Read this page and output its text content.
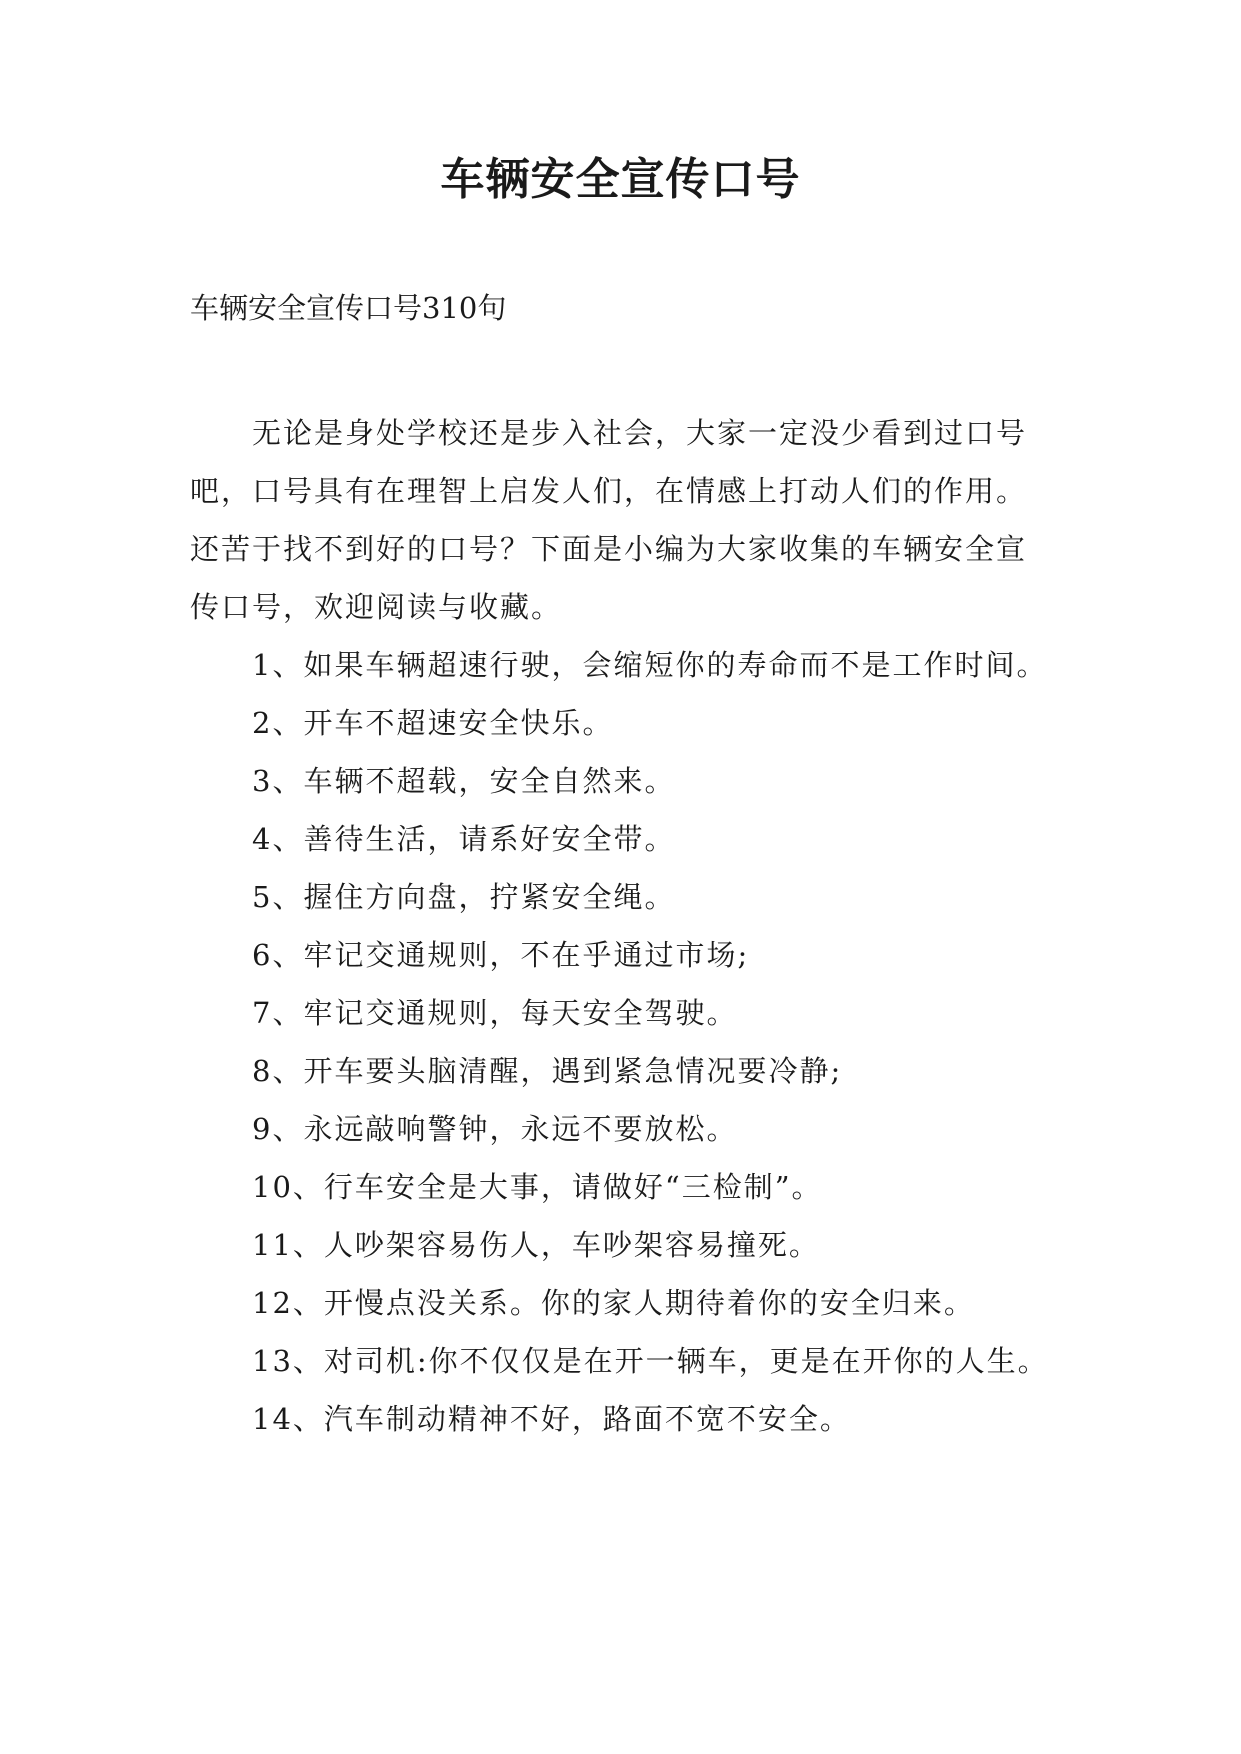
车辆安全宣传口号

车辆安全宣传口号310句

无论是身处学校还是步入社会，大家一定没少看到过口号吧，口号具有在理智上启发人们，在情感上打动人们的作用。还苦于找不到好的口号？下面是小编为大家收集的车辆安全宣传口号，欢迎阅读与收藏。

1、如果车辆超速行驶，会缩短你的寿命而不是工作时间。

2、开车不超速安全快乐。

3、车辆不超载，安全自然来。

4、善待生活，请系好安全带。

5、握住方向盘，拧紧安全绳。

6、牢记交通规则，不在乎通过市场;

7、牢记交通规则，每天安全驾驶。

8、开车要头脑清醒，遇到紧急情况要冷静;

9、永远敲响警钟，永远不要放松。

10、行车安全是大事，请做好“三检制”。

11、人吵架容易伤人，车吵架容易撞死。

12、开慢点没关系。你的家人期待着你的安全归来。

13、对司机:你不仅仅是在开一辆车，更是在开你的人生。

14、汽车制动精神不好，路面不宽不安全。
